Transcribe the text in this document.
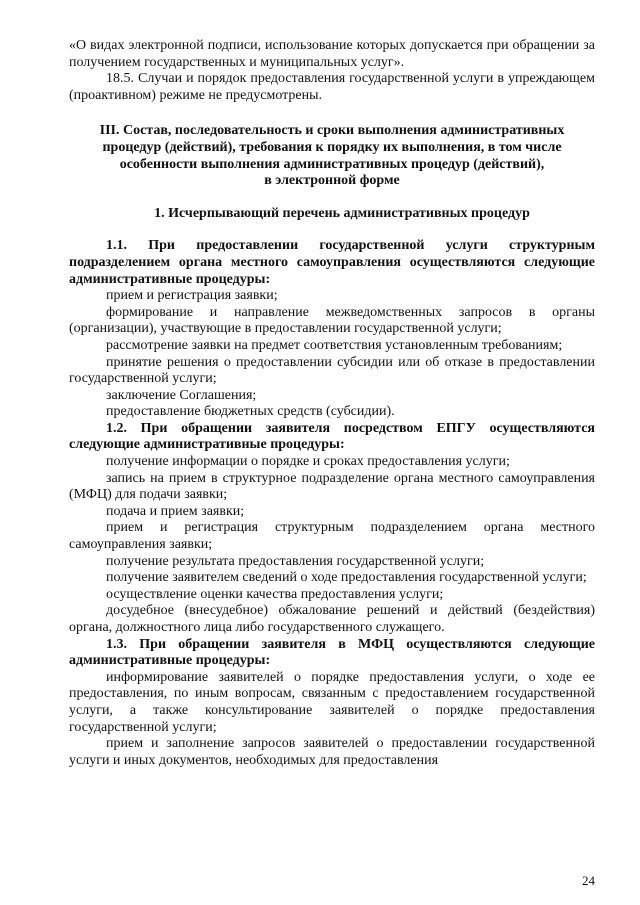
«О видах электронной подписи, использование которых допускается при обращении за получением государственных и муниципальных услуг».

18.5. Случаи и порядок предоставления государственной услуги в упреждающем (проактивном) режиме не предусмотрены.

III. Состав, последовательность и сроки выполнения административных
процедур (действий), требования к порядку их выполнения, в том числе
особенности выполнения административных процедур (действий),
в электронной форме
1. Исчерпывающий перечень административных процедур

1.1. При предоставлении государственной услуги структурным подразделением органа местного самоуправления осуществляются следующие административные процедуры:

прием и регистрация заявки;

формирование и направление межведомственных запросов в органы (организации), участвующие в предоставлении государственной услуги;

рассмотрение заявки на предмет соответствия установленным требованиям;

принятие решения о предоставлении субсидии или об отказе в предоставлении государственной услуги;

заключение Соглашения;

предоставление бюджетных средств (субсидии).

1.2. При обращении заявителя посредством ЕПГУ осуществляются следующие административные процедуры:

получение информации о порядке и сроках предоставления услуги;

запись на прием в структурное подразделение органа местного самоуправления (МФЦ) для подачи заявки;

подача и прием заявки;

прием и регистрация структурным подразделением органа местного самоуправления заявки;

получение результата предоставления государственной услуги;

получение заявителем сведений о ходе предоставления государственной услуги;

осуществление оценки качества предоставления услуги;

досудебное (внесудебное) обжалование решений и действий (бездействия) органа, должностного лица либо государственного служащего.

1.3. При обращении заявителя в МФЦ осуществляются следующие административные процедуры:

информирование заявителей о порядке предоставления услуги, о ходе ее предоставления, по иным вопросам, связанным с предоставлением государственной услуги, а также консультирование заявителей о порядке предоставления государственной услуги;

прием и заполнение запросов заявителей о предоставлении государственной услуги и иных документов, необходимых для предоставления

24
